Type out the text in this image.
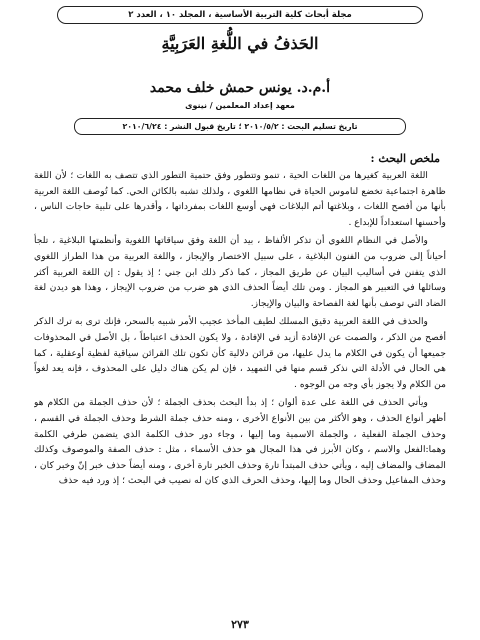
مجلة أبحاث كلية التربية الأساسية ، المجلد ١٠ ، العدد ٢
الحَذفُ في اللُّغةِ العَرَبِيَّةِ
أ.م.د. يونس حمش خلف محمد
معهد إعداد المعلمين / نينوى
تاريخ تسليم البحث : ٢٠١٠/٥/٢ ؛ تاريخ قبول النشر : ٢٠١٠/٦/٢٤
ملخص البحث :

اللغة العربية كغيرها من اللغات الحية ، تنمو وتتطور وفق حتمية التطور الذي تتصف به اللغات ؛ لأن اللغة ظاهرة اجتماعية تخضع لناموس الحياة في نظامها اللغوي ، ولذلك تشبه بالكائن الحي. كما تُوصف اللغة العربية بأنها من أفصح اللغات ، وبلاغتها أتم البلاغات فهي أوسع اللغات بمفرداتها ، وأقدرها على تلبية حاجات الناس ، وأحسنها استعداداً للإبداع .

والأصل في النظام اللغوي أن تذكر الألفاظ ، بيد أن اللغة وفق سياقاتها اللغوية وأنظمتها البلاغية ، تلجأ أحياناً إلى ضروب من الفنون البلاغية ، على سبيل الاختصار والإيجاز ، واللغة العربية من هذا الطراز اللغوي الذي يتفنن في أساليب البيان عن طريق المجاز ، كما ذكر ذلك ابن جني ؛ إذ يقول : إن اللغة العربية أكثر وسائلها في التعبير هو المجاز . ومن تلك أيضاً الحذف الذي هو ضرب من ضروب الإيجاز ، وهذا هو ديدن لغة الضاد التي توصف بأنها لغة الفصاحة والبيان والإيجاز.

والحذف في اللغة العربية دقيق المسلك لطيف المأخذ عجيب الأمر شبيه بالسحر، فإنك ترى به ترك الذكر أفصح من الذكر ، والصمت عن الإفادة أزيد في الإفادة ، ولا يكون الحذف اعتباطاً ، بل الأصل في المحذوفات جميعها أن يكون في الكلام ما يدل عليها، من قرائن دلالية كأن تكون تلك القرائن سياقية لفظية أوعقلية ، كما هي الحال في الأدلة التي نذكر قسم منها في التمهيد ، فإن لم يكن هناك دليل على المحذوف ، فإنه يعد لغواً من الكلام ولا يجوز بأي وجه من الوجوه .

ويأتي الحذف في اللغة على عدة ألوان ؛ إذ بدأ البحث بحذف الجملة ؛ لأن حذف الجملة من الكلام هو أظهر أنواع الحذف ، وهو الأكثر من بين الأنواع الأخرى ، ومنه حذف جملة الشرط وحذف الجملة في القسم ، وحذف الجملة الفعلية ، والجملة الاسمية وما إليها ، وجاء دور حذف الكلمة الذي يتضمن طرفي الكلمة وهما:الفعل والاسم ، وكان الأبرز في هذا المجال هو حذف الأسماء ، مثل : حذف الصفة والموصوف وكذلك المضاف والمضاف إليه ، ويأتي حذف المبتدأ تارة وحذف الخبر تارة أخرى ، ومنه أيضاً حذف خبر إنّ وخبر كان ، وحذف المفاعيل وحذف الحال وما إليها، وحذف الحرف الذي كان له نصيب في البحث ؛ إذ ورد فيه حذف

٢٧٣
